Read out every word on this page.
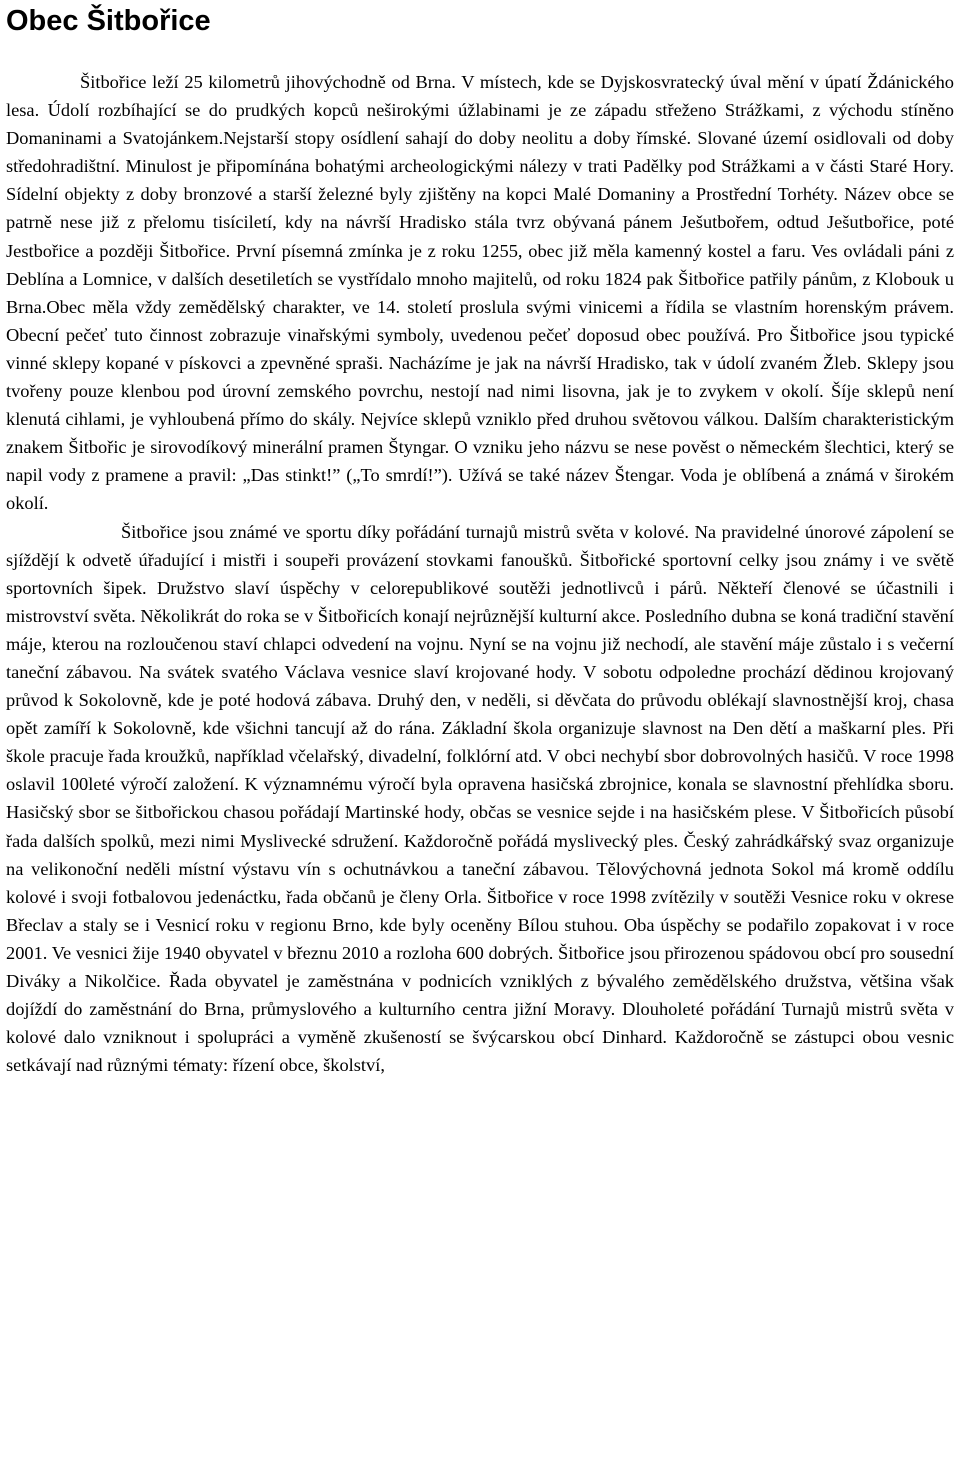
Obec Šitbořice

Šitbořice leží 25 kilometrů jihovýchodně od Brna. V místech, kde se Dyjskosvratecký úval mění v úpatí Ždánického lesa. Údolí rozbíhající se do prudkých kopců neširokými úžlabinami je ze západu střeženo Strážkami, z východu stíněno Domaninami a Svatojánkem.Nejstarší stopy osídlení sahají do doby neolitu a doby římské. Slované území osidlovali od doby středohradištní. Minulost je připomínána bohatými archeologickými nálezy v trati Padělky pod Strážkami a v části Staré Hory. Sídelní objekty z doby bronzové a starší železné byly zjištěny na kopci Malé Domaniny a Prostřední Torhéty. Název obce se patrně nese již z přelomu tisíciletí, kdy na návrší Hradisko stála tvrz obývaná pánem Ješutbořem, odtud Ješutbořice, poté Jestbořice a později Šitbořice. První písemná zmínka je z roku 1255, obec již měla kamenný kostel a faru. Ves ovládali páni z Deblína a Lomnice, v dalších desetiletích se vystřídalo mnoho majitelů, od roku 1824 pak Šitbořice patřily pánům, z Klobouk u Brna.Obec měla vždy zemědělský charakter, ve 14. století proslula svými vinicemi a řídila se vlastním horenským právem. Obecní pečeť tuto činnost zobrazuje vinařskými symboly, uvedenou pečeť doposud obec používá. Pro Šitbořice jsou typické vinné sklepy kopané v pískovci a zpevněné spraši. Nacházíme je jak na návrší Hradisko, tak v údolí zvaném Žleb. Sklepy jsou tvořeny pouze klenbou pod úrovní zemského povrchu, nestojí nad nimi lisovna, jak je to zvykem v okolí. Šíje sklepů není klenutá cihlami, je vyhloubená přímo do skály. Nejvíce sklepů vzniklo před druhou světovou válkou. Dalším charakteristickým znakem Šitbořic je sirovodíkový minerální pramen Štyngar. O vzniku jeho názvu se nese pověst o německém šlechtici, který se napil vody z pramene a pravil: „Das stinkt!” („To smrdí!”). Užívá se také název Štengar. Voda je oblíbená a známá v širokém okolí.

Šitbořice jsou známé ve sportu díky pořádání turnajů mistrů světa v kolové. Na pravidelné únorové zápolení se sjíždějí k odvetě úřadující i mistři i soupeři provázení stovkami fanoušků. Šitbořické sportovní celky jsou známy i ve světě sportovních šipek. Družstvo slaví úspěchy v celorepublikové soutěži jednotlivců i párů. Někteří členové se účastnili i mistrovství světa. Několikrát do roka se v Šitbořicích konají nejrůznější kulturní akce. Posledního dubna se koná tradiční stavění máje, kterou na rozloučenou staví chlapci odvedení na vojnu. Nyní se na vojnu již nechodí, ale stavění máje zůstalo i s večerní taneční zábavou. Na svátek svatého Václava vesnice slaví krojované hody. V sobotu odpoledne prochází dědinou krojovaný průvod k Sokolovně, kde je poté hodová zábava. Druhý den, v neděli, si děvčata do průvodu oblékají slavnostnější kroj, chasa opět zamíří k Sokolovně, kde všichni tancují až do rána. Základní škola organizuje slavnost na Den dětí a maškarní ples. Při škole pracuje řada kroužků, například včelařský, divadelní, folklórní atd. V obci nechybí sbor dobrovolných hasičů. V roce 1998 oslavil 100leté výročí založení. K významnému výročí byla opravena hasičská zbrojnice, konala se slavnostní přehlídka sboru. Hasičský sbor se šitbořickou chasou pořádají Martinské hody, občas se vesnice sejde i na hasičském plese. V Šitbořicích působí řada dalších spolků, mezi nimi Myslivecké sdružení. Každoročně pořádá myslivecký ples. Český zahrádkářský svaz organizuje na velikonoční neděli místní výstavu vín s ochutnávkou a taneční zábavou. Tělovýchovná jednota Sokol má kromě oddílu kolové i svoji fotbalovou jedenáctku, řada občanů je členy Orla. Šitbořice v roce 1998 zvítězily v soutěži Vesnice roku v okrese Břeclav a staly se i Vesnicí roku v regionu Brno, kde byly oceněny Bílou stuhou. Oba úspěchy se podařilo zopakovat i v roce 2001. Ve vesnici žije 1940 obyvatel v březnu 2010 a rozloha 600 dobrých. Šitbořice jsou přirozenou spádovou obcí pro sousední Diváky a Nikolčice. Řada obyvatel je zaměstnána v podnicích vzniklých z bývalého zemědělského družstva, většina však dojíždí do zaměstnání do Brna, průmyslového a kulturního centra jižní Moravy. Dlouholeté pořádání Turnajů mistrů světa v kolové dalo vzniknout i spolupráci a vyměně zkušeností se švýcarskou obcí Dinhard. Každoročně se zástupci obou vesnic setkávají nad různými tématy: řízení obce, školství,
